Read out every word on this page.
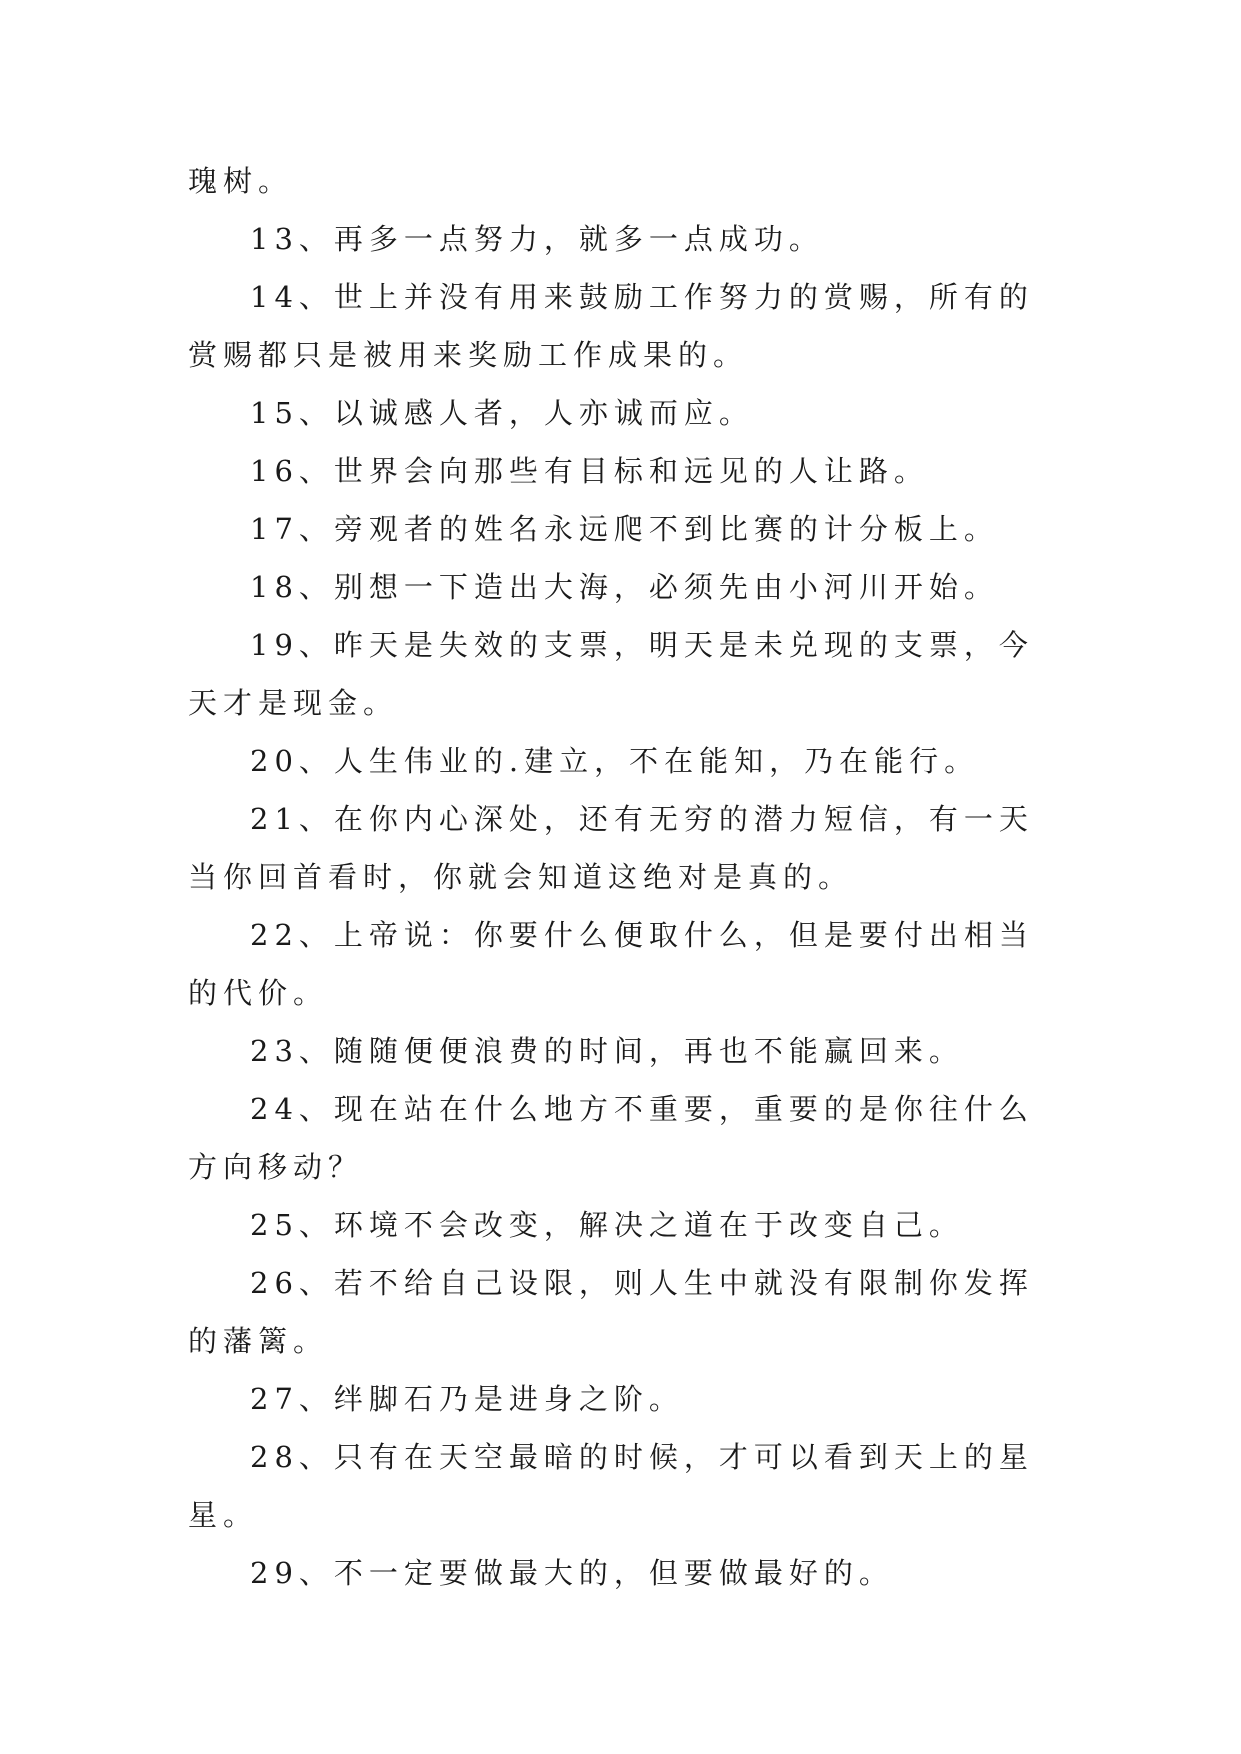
瑰树。

13、再多一点努力，就多一点成功。

14、世上并没有用来鼓励工作努力的赏赐，所有的赏赐都只是被用来奖励工作成果的。

15、以诚感人者，人亦诚而应。

16、世界会向那些有目标和远见的人让路。

17、旁观者的姓名永远爬不到比赛的计分板上。

18、别想一下造出大海，必须先由小河川开始。

19、昨天是失效的支票，明天是未兑现的支票，今天才是现金。

20、人生伟业的.建立，不在能知，乃在能行。

21、在你内心深处，还有无穷的潜力短信，有一天当你回首看时，你就会知道这绝对是真的。

22、上帝说：你要什么便取什么，但是要付出相当的代价。

23、随随便便浪费的时间，再也不能赢回来。

24、现在站在什么地方不重要，重要的是你往什么方向移动？

25、环境不会改变，解决之道在于改变自己。

26、若不给自己设限，则人生中就没有限制你发挥的藩篱。

27、绊脚石乃是进身之阶。

28、只有在天空最暗的时候，才可以看到天上的星星。

29、不一定要做最大的，但要做最好的。
